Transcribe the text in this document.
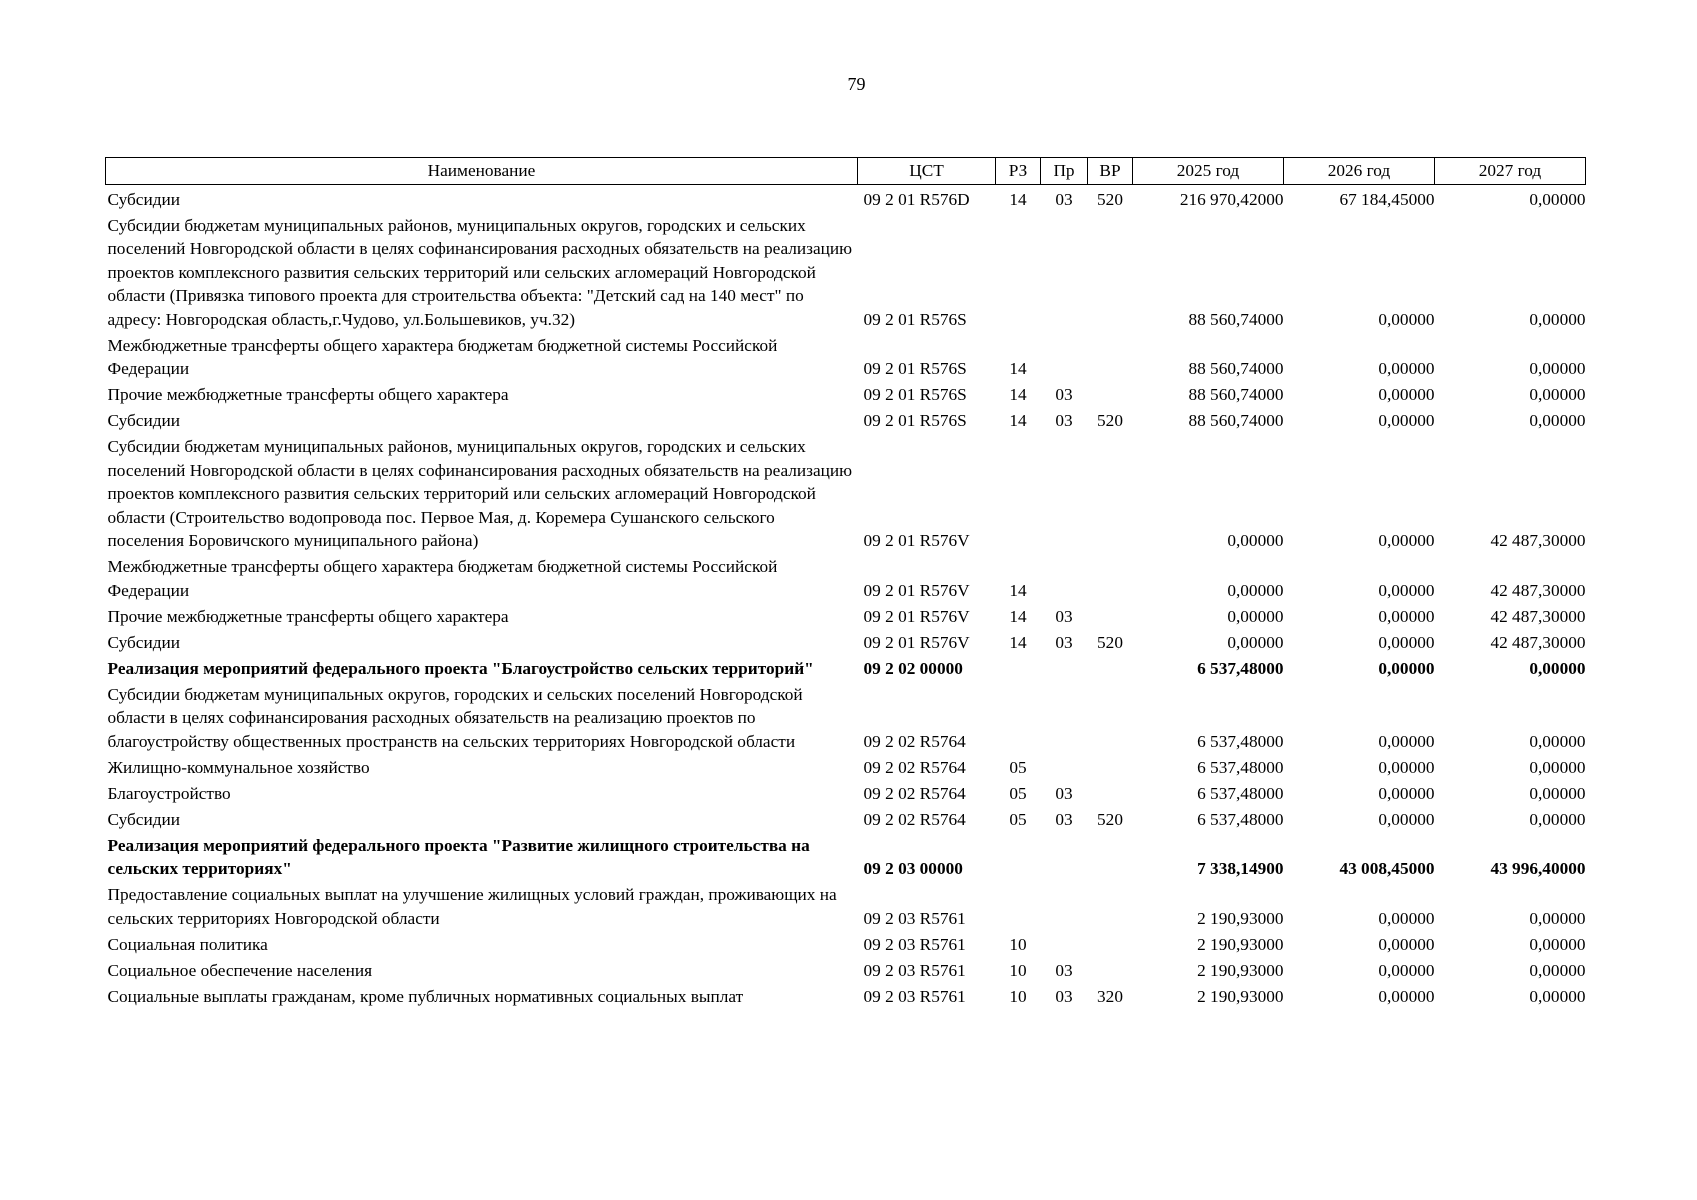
79
Наименование	ЦСТ	РЗ	Пр	ВР	2025 год	2026 год	2027 год
Субсидии	09 2 01 R576D	14	03	520	216 970,42000	67 184,45000	0,00000
Субсидии бюджетам муниципальных районов, муниципальных округов, городских и сельских поселений Новгородской области в целях софинансирования расходных обязательств на реализацию проектов комплексного развития сельских территорий или сельских агломераций Новгородской области (Привязка типового проекта для строительства объекта: "Детский сад на 140 мест" по адресу: Новгородская область,г.Чудово, ул.Большевиков, уч.32)	09 2 01 R576S				88 560,74000	0,00000	0,00000
Межбюджетные трансферты общего характера бюджетам бюджетной системы Российской Федерации	09 2 01 R576S	14			88 560,74000	0,00000	0,00000
Прочие межбюджетные трансферты общего характера	09 2 01 R576S	14	03		88 560,74000	0,00000	0,00000
Субсидии	09 2 01 R576S	14	03	520	88 560,74000	0,00000	0,00000
Субсидии бюджетам муниципальных районов, муниципальных округов, городских и сельских поселений Новгородской области в целях софинансирования расходных обязательств на реализацию проектов комплексного развития сельских территорий или сельских агломераций Новгородской области (Строительство водопровода пос. Первое Мая, д. Коремера Сушанского сельского поселения Боровичского муниципального района)	09 2 01 R576V				0,00000	0,00000	42 487,30000
Межбюджетные трансферты общего характера бюджетам бюджетной системы Российской Федерации	09 2 01 R576V	14			0,00000	0,00000	42 487,30000
Прочие межбюджетные трансферты общего характера	09 2 01 R576V	14	03		0,00000	0,00000	42 487,30000
Субсидии	09 2 01 R576V	14	03	520	0,00000	0,00000	42 487,30000
Реализация мероприятий федерального проекта "Благоустройство сельских территорий"	09 2 02 00000				6 537,48000	0,00000	0,00000
Субсидии бюджетам муниципальных округов, городских и сельских поселений Новгородской области в целях софинансирования расходных обязательств на реализацию проектов по благоустройству общественных пространств на сельских территориях Новгородской области	09 2 02 R5764				6 537,48000	0,00000	0,00000
Жилищно-коммунальное хозяйство	09 2 02 R5764	05			6 537,48000	0,00000	0,00000
Благоустройство	09 2 02 R5764	05	03		6 537,48000	0,00000	0,00000
Субсидии	09 2 02 R5764	05	03	520	6 537,48000	0,00000	0,00000
Реализация мероприятий федерального проекта "Развитие жилищного строительства на сельских территориях"	09 2 03 00000				7 338,14900	43 008,45000	43 996,40000
Предоставление социальных выплат на улучшение жилищных условий граждан, проживающих на сельских территориях Новгородской области	09 2 03 R5761				2 190,93000	0,00000	0,00000
Социальная политика	09 2 03 R5761	10			2 190,93000	0,00000	0,00000
Социальное обеспечение населения	09 2 03 R5761	10	03		2 190,93000	0,00000	0,00000
Социальные выплаты гражданам, кроме публичных нормативных социальных выплат	09 2 03 R5761	10	03	320	2 190,93000	0,00000	0,00000
